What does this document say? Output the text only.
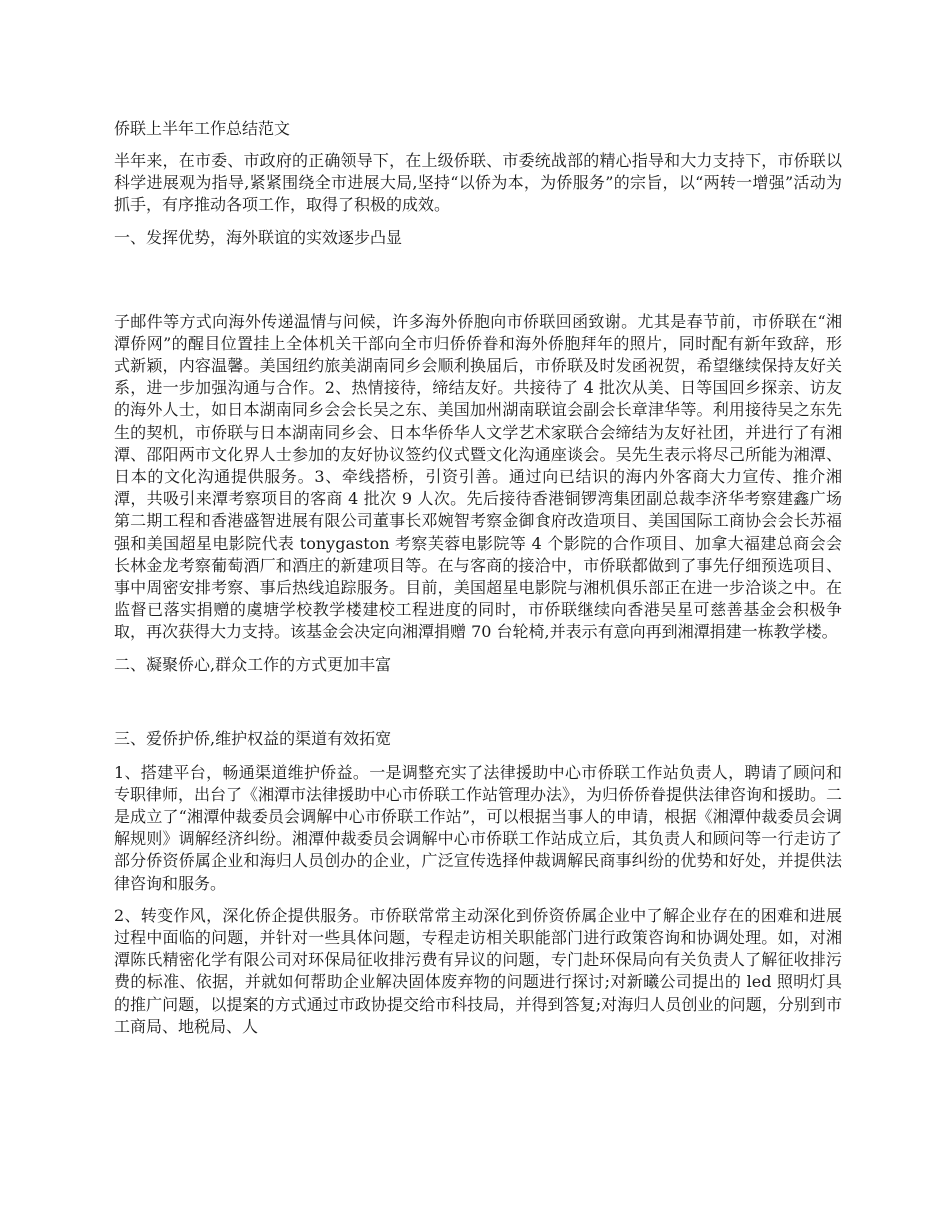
侨联上半年工作总结范文

半年来，在市委、市政府的正确领导下，在上级侨联、市委统战部的精心指导和大力支持下，市侨联以科学进展观为指导,紧紧围绕全市进展大局,坚持“以侨为本，为侨服务”的宗旨，以“两转一增强”活动为抓手，有序推动各项工作，取得了积极的成效。

一、发挥优势，海外联谊的实效逐步凸显

子邮件等方式向海外传递温情与问候，许多海外侨胞向市侨联回函致谢。尤其是春节前，市侨联在“湘潭侨网”的醒目位置挂上全体机关干部向全市归侨侨眷和海外侨胞拜年的照片，同时配有新年致辞，形式新颖，内容温馨。美国纽约旅美湖南同乡会顺利换届后，市侨联及时发函祝贺，希望继续保持友好关系，进一步加强沟通与合作。2、热情接待，缔结友好。共接待了 4 批次从美、日等国回乡探亲、访友的海外人士，如日本湖南同乡会会长吴之东、美国加州湖南联谊会副会长章津华等。利用接待吴之东先生的契机，市侨联与日本湖南同乡会、日本华侨华人文学艺术家联合会缔结为友好社团，并进行了有湘潭、邵阳两市文化界人士参加的友好协议签约仪式暨文化沟通座谈会。吴先生表示将尽己所能为湘潭、日本的文化沟通提供服务。3、牵线搭桥，引资引善。通过向已结识的海内外客商大力宣传、推介湘潭，共吸引来潭考察项目的客商 4 批次 9 人次。先后接待香港铜锣湾集团副总裁李济华考察建鑫广场第二期工程和香港盛智进展有限公司董事长邓婉智考察金御食府改造项目、美国国际工商协会会长苏福强和美国超星电影院代表 tonygaston 考察芙蓉电影院等 4 个影院的合作项目、加拿大福建总商会会长林金龙考察葡萄酒厂和酒庄的新建项目等。在与客商的接洽中，市侨联都做到了事先仔细预选项目、事中周密安排考察、事后热线追踪服务。目前，美国超星电影院与湘机俱乐部正在进一步洽谈之中。在监督已落实捐赠的虞塘学校教学楼建校工程进度的同时，市侨联继续向香港吴星可慈善基金会积极争取，再次获得大力支持。该基金会决定向湘潭捐赠 70 台轮椅,并表示有意向再到湘潭捐建一栋教学楼。

二、凝聚侨心,群众工作的方式更加丰富
三、爱侨护侨,维护权益的渠道有效拓宽

1、搭建平台，畅通渠道维护侨益。一是调整充实了法律援助中心市侨联工作站负责人，聘请了顾问和专职律师，出台了《湘潭市法律援助中心市侨联工作站管理办法》，为归侨侨眷提供法律咨询和援助。二是成立了“湘潭仲裁委员会调解中心市侨联工作站”，可以根据当事人的申请，根据《湘潭仲裁委员会调解规则》调解经济纠纷。湘潭仲裁委员会调解中心市侨联工作站成立后，其负责人和顾问等一行走访了部分侨资侨属企业和海归人员创办的企业，广泛宣传选择仲裁调解民商事纠纷的优势和好处，并提供法律咨询和服务。

2、转变作风，深化侨企提供服务。市侨联常常主动深化到侨资侨属企业中了解企业存在的困难和进展过程中面临的问题，并针对一些具体问题，专程走访相关职能部门进行政策咨询和协调处理。如，对湘潭陈氏精密化学有限公司对环保局征收排污费有异议的问题，专门赴环保局向有关负责人了解征收排污费的标准、依据，并就如何帮助企业解决固体废弃物的问题进行探讨;对新曦公司提出的 led 照明灯具的推广问题，以提案的方式通过市政协提交给市科技局，并得到答复;对海归人员创业的问题，分别到市工商局、地税局、人
